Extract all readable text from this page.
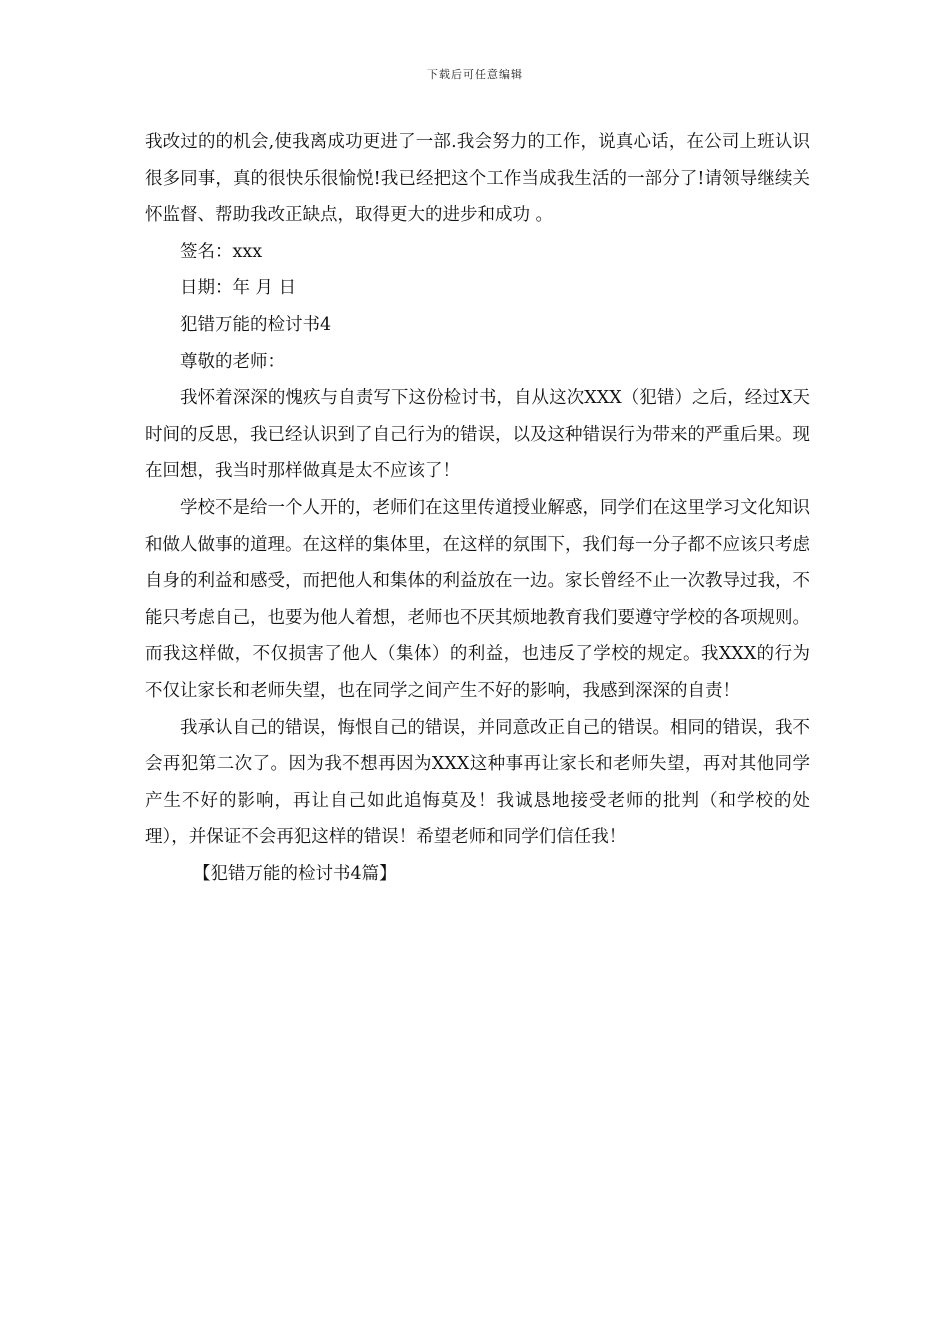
下载后可任意编辑

我改过的的机会,使我离成功更进了一部.我会努力的工作，说真心话，在公司上班认识很多同事，真的很快乐很愉悦!我已经把这个工作当成我生活的一部分了!请领导继续关怀监督、帮助我改正缺点，取得更大的进步和成功 。

签名：xxx

日期：年 月 日

犯错万能的检讨书4

尊敬的老师：

我怀着深深的愧疚与自责写下这份检讨书，自从这次XXX（犯错）之后，经过X天时间的反思，我已经认识到了自己行为的错误，以及这种错误行为带来的严重后果。现在回想，我当时那样做真是太不应该了！

学校不是给一个人开的，老师们在这里传道授业解惑，同学们在这里学习文化知识和做人做事的道理。在这样的集体里，在这样的氛围下，我们每一分子都不应该只考虑自身的利益和感受，而把他人和集体的利益放在一边。家长曾经不止一次教导过我，不能只考虑自己，也要为他人着想，老师也不厌其烦地教育我们要遵守学校的各项规则。而我这样做，不仅损害了他人（集体）的利益，也违反了学校的规定。我XXX的行为不仅让家长和老师失望，也在同学之间产生不好的影响，我感到深深的自责！

我承认自己的错误，悔恨自己的错误，并同意改正自己的错误。相同的错误，我不会再犯第二次了。因为我不想再因为XXX这种事再让家长和老师失望，再对其他同学产生不好的影响，再让自己如此追悔莫及！我诚恳地接受老师的批判（和学校的处理），并保证不会再犯这样的错误！希望老师和同学们信任我！

【犯错万能的检讨书4篇】
